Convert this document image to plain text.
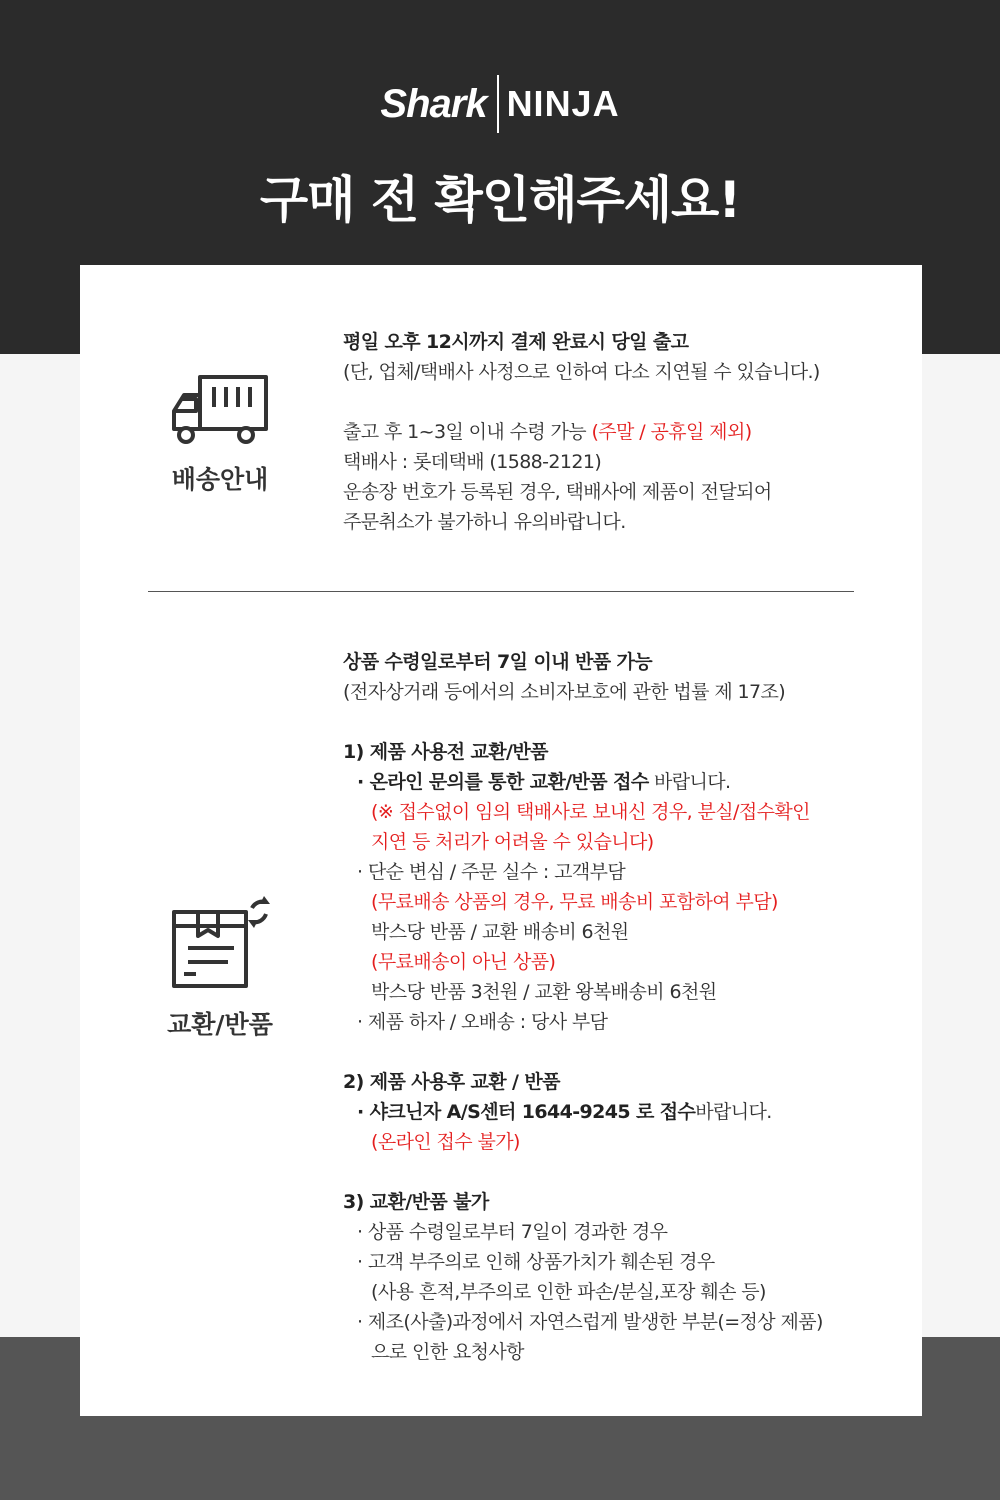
Shark NINJA
구매 전 확인해주세요!
배송안내
평일 오후 12시까지 결제 완료시 당일 출고
(단, 업체/택배사 사정으로 인하여 다소 지연될 수 있습니다.)
출고 후 1~3일 이내 수령 가능 (주말 / 공휴일 제외)
택배사 : 롯데택배 (1588-2121)
운송장 번호가 등록된 경우, 택배사에 제품이 전달되어
주문취소가 불가하니 유의바랍니다.
교환/반품
상품 수령일로부터 7일 이내 반품 가능
(전자상거래 등에서의 소비자보호에 관한 법률 제 17조)
1) 제품 사용전 교환/반품
· 온라인 문의를 통한 교환/반품 접수 바랍니다.
(※ 접수없이 임의 택배사로 보내신 경우, 분실/접수확인
지연 등 처리가 어려울 수 있습니다)
· 단순 변심 / 주문 실수 : 고객부담
(무료배송 상품의 경우, 무료 배송비 포함하여 부담)
박스당 반품 / 교환 배송비 6천원
(무료배송이 아닌 상품)
박스당 반품 3천원 / 교환 왕복배송비 6천원
· 제품 하자 / 오배송 : 당사 부담
2) 제품 사용후 교환 / 반품
· 샤크닌자 A/S센터 1644-9245 로 접수바랍니다.
(온라인 접수 불가)
3) 교환/반품 불가
· 상품 수령일로부터 7일이 경과한 경우
· 고객 부주의로 인해 상품가치가 훼손된 경우
(사용 흔적,부주의로 인한 파손/분실,포장 훼손 등)
· 제조(사출)과정에서 자연스럽게 발생한 부분(=정상 제품)
으로 인한 요청사항
